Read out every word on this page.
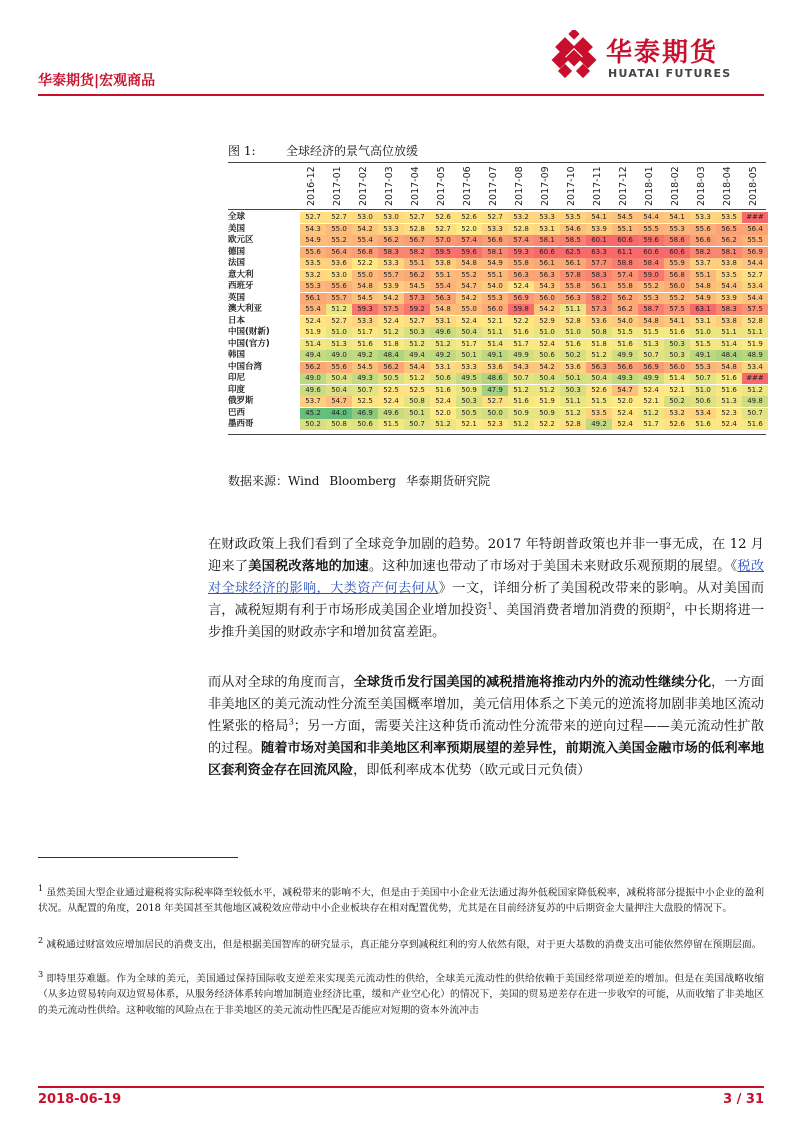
华泰期货|宏观商品
华泰期货
HUATAI FUTURES
图 1:	全球经济的景气高位放缓
2016-12 2017-01 2017-02 2017-03 2017-04 2017-05 2017-06 2017-07 2017-08 2017-09 2017-10 2017-11 2017-12 2018-01 2018-02 2018-03 2018-04 2018-05
全球	52.7	52.7	53.0	53.0	52.7	52.6	52.6	52.7	53.2	53.3	53.5	54.1	54.5	54.4	54.1	53.3	53.5	###
美国	54.3	55.0	54.2	53.3	52.8	52.7	52.0	53.3	52.8	53.1	54.6	53.9	55.1	55.5	55.3	55.6	56.5	56.4
欧元区	54.9	55.2	55.4	56.2	56.7	57.0	57.4	56.6	57.4	58.1	58.5	60.1	60.6	59.6	58.6	56.6	56.2	55.5
德国	55.6	56.4	56.8	58.3	58.2	59.5	59.6	58.1	59.3	60.6	62.5	63.3	61.1	60.6	60.6	58.2	58.1	56.9
法国	53.5	53.6	52.2	53.3	55.1	53.8	54.8	54.9	55.8	56.1	56.1	57.7	58.8	58.4	55.9	53.7	53.8	54.4
意大利	53.2	53.0	55.0	55.7	56.2	55.1	55.2	55.1	56.3	56.3	57.8	58.3	57.4	59.0	56.8	55.1	53.5	52.7
西班牙	55.3	55.6	54.8	53.9	54.5	55.4	54.7	54.0	52.4	54.3	55.8	56.1	55.8	55.2	56.0	54.8	54.4	53.4
英国	56.1	55.7	54.5	54.2	57.3	56.3	54.2	55.3	56.9	56.0	56.3	58.2	56.2	55.3	55.2	54.9	53.9	54.4
澳大利亚	55.4	51.2	59.3	57.5	59.2	54.8	55.0	56.0	59.8	54.2	51.1	57.3	56.2	58.7	57.5	63.1	58.3	57.5
日本	52.4	52.7	53.3	52.4	52.7	53.1	52.4	52.1	52.2	52.9	52.8	53.6	54.0	54.8	54.1	53.1	53.8	52.8
中国(财新)	51.9	51.0	51.7	51.2	50.3	49.6	50.4	51.1	51.6	51.0	51.0	50.8	51.5	51.5	51.6	51.0	51.1	51.1
中国(官方)	51.4	51.3	51.6	51.8	51.2	51.2	51.7	51.4	51.7	52.4	51.6	51.8	51.6	51.3	50.3	51.5	51.4	51.9
韩国	49.4	49.0	49.2	48.4	49.4	49.2	50.1	49.1	49.9	50.6	50.2	51.2	49.9	50.7	50.3	49.1	48.4	48.9
中国台湾	56.2	55.6	54.5	56.2	54.4	53.1	53.3	53.6	54.3	54.2	53.6	56.3	56.6	56.9	56.0	55.3	54.8	53.4
印尼	49.0	50.4	49.3	50.5	51.2	50.6	49.5	48.6	50.7	50.4	50.1	50.4	49.3	49.9	51.4	50.7	51.6	###
印度	49.6	50.4	50.7	52.5	52.5	51.6	50.9	47.9	51.2	51.2	50.3	52.6	54.7	52.4	52.1	51.0	51.6	51.2
俄罗斯	53.7	54.7	52.5	52.4	50.8	52.4	50.3	52.7	51.6	51.9	51.1	51.5	52.0	52.1	50.2	50.6	51.3	49.8
巴西	45.2	44.0	46.9	49.6	50.1	52.0	50.5	50.0	50.9	50.9	51.2	53.5	52.4	51.2	53.2	53.4	52.3	50.7
墨西哥	50.2	50.8	50.6	51.5	50.7	51.2	52.1	52.3	51.2	52.2	52.8	49.2	52.4	51.7	52.6	51.6	52.4	51.6
数据来源：Wind Bloomberg 华泰期货研究院

在财政政策上我们看到了全球竞争加剧的趋势。2017 年特朗普政策也并非一事无成，在 12 月迎来了美国税改落地的加速。这种加速也带动了市场对于美国未来财政乐观预期的展望。《税改对全球经济的影响，大类资产何去何从》一文，详细分析了美国税改带来的影响。从对美国而言，减税短期有利于市场形成美国企业增加投资$^1$、美国消费者增加消费的预期$^2$，中长期将进一步推升美国的财政赤字和增加贫富差距。

而从对全球的角度而言，全球货币发行国美国的减税措施将推动内外的流动性继续分化，一方面非美地区的美元流动性分流至美国概率增加，美元信用体系之下美元的逆流将加剧非美地区流动性紧张的格局$^3$；另一方面，需要关注这种货币流动性分流带来的逆向过程——美元流动性扩散的过程。随着市场对美国和非美地区利率预期展望的差异性，前期流入美国金融市场的低利率地区套利资金存在回流风险，即低利率成本优势（欧元或日元负债）

$^1$ 虽然美国大型企业通过避税将实际税率降至较低水平，减税带来的影响不大，但是由于美国中小企业无法通过海外低税国家降低税率，减税将部分提振中小企业的盈利状况。从配置的角度，2018 年美国甚至其他地区减税效应带动中小企业板块存在相对配置优势，尤其是在目前经济复苏的中后期资金大量押注大盘股的情况下。

$^2$ 减税通过财富效应增加居民的消费支出，但是根据美国智库的研究显示，真正能分享到减税红利的穷人依然有限，对于更大基数的消费支出可能依然停留在预期层面。

$^3$ 即特里芬难题。作为全球的美元，美国通过保持国际收支逆差来实现美元流动性的供给，全球美元流动性的供给依赖于美国经常项逆差的增加。但是在美国战略收缩（从多边贸易转向双边贸易体系，从服务经济体系转向增加制造业经济比重，缓和产业空心化）的情况下，美国的贸易逆差存在进一步收窄的可能，从而收缩了非美地区的美元流动性供给。这种收缩的风险点在于非美地区的美元流动性匹配是否能应对短期的资本外流冲击

2018-06-19	3 / 31
